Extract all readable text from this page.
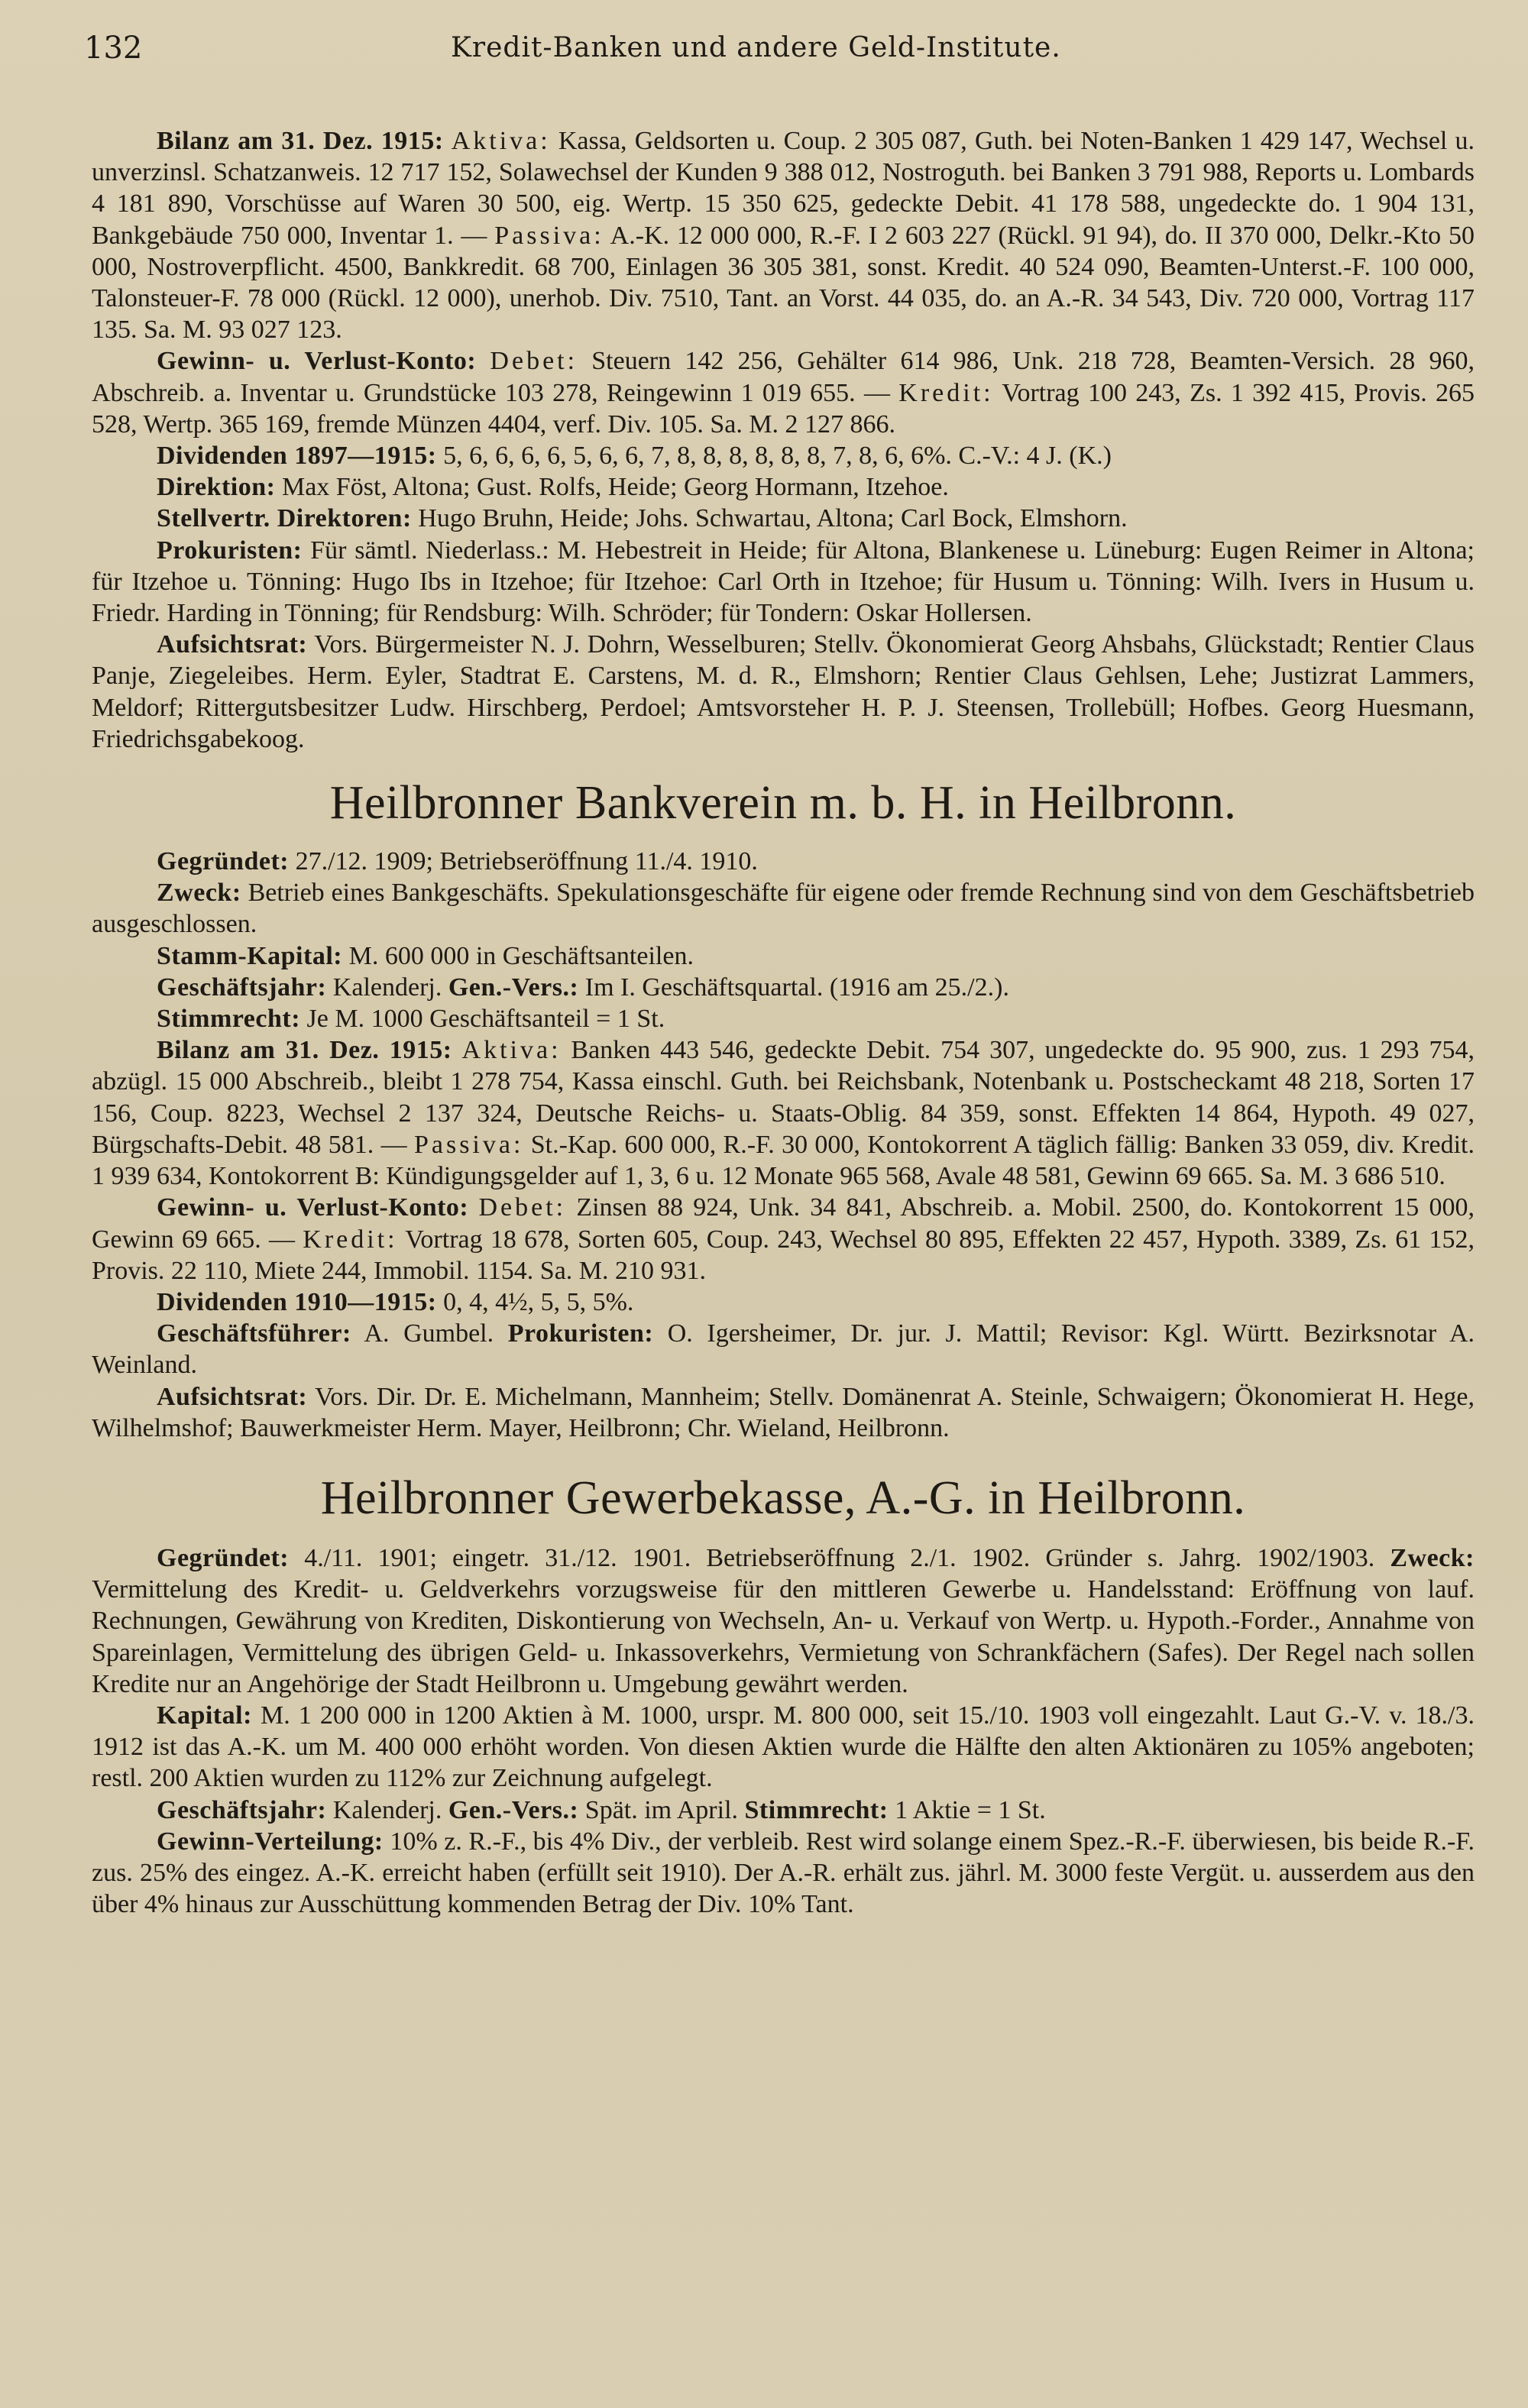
132	Kredit-Banken und andere Geld-Institute.

Bilanz am 31. Dez. 1915: Aktiva: Kassa, Geldsorten u. Coup. 2 305 087, Guth. bei Noten-Banken 1 429 147, Wechsel u. unverzinsl. Schatzanweis. 12 717 152, Solawechsel der Kunden 9 388 012, Nostroguth. bei Banken 3 791 988, Reports u. Lombards 4 181 890, Vorschüsse auf Waren 30 500, eig. Wertp. 15 350 625, gedeckte Debit. 41 178 588, ungedeckte do. 1 904 131, Bankgebäude 750 000, Inventar 1. — Passiva: A.-K. 12 000 000, R.-F. I 2 603 227 (Rückl. 91 94), do. II 370 000, Delkr.-Kto 50 000, Nostroverpflicht. 4500, Bankkredit. 68 700, Einlagen 36 305 381, sonst. Kredit. 40 524 090, Beamten-Unterst.-F. 100 000, Talonsteuer-F. 78 000 (Rückl. 12 000), unerhob. Div. 7510, Tant. an Vorst. 44 035, do. an A.-R. 34 543, Div. 720 000, Vortrag 117 135. Sa. M. 93 027 123.

Gewinn- u. Verlust-Konto: Debet: Steuern 142 256, Gehälter 614 986, Unk. 218 728, Beamten-Versich. 28 960, Abschreib. a. Inventar u. Grundstücke 103 278, Reingewinn 1 019 655. — Kredit: Vortrag 100 243, Zs. 1 392 415, Provis. 265 528, Wertp. 365 169, fremde Münzen 4404, verf. Div. 105. Sa. M. 2 127 866.

Dividenden 1897—1915: 5, 6, 6, 6, 6, 5, 6, 6, 7, 8, 8, 8, 8, 8, 8, 7, 8, 6, 6%. C.-V.: 4 J. (K.)

Direktion: Max Föst, Altona; Gust. Rolfs, Heide; Georg Hormann, Itzehoe.

Stellvertr. Direktoren: Hugo Bruhn, Heide; Johs. Schwartau, Altona; Carl Bock, Elmshorn.

Prokuristen: Für sämtl. Niederlass.: M. Hebestreit in Heide; für Altona, Blankenese u. Lüneburg: Eugen Reimer in Altona; für Itzehoe u. Tönning: Hugo Ibs in Itzehoe; für Itzehoe: Carl Orth in Itzehoe; für Husum u. Tönning: Wilh. Ivers in Husum u. Friedr. Harding in Tönning; für Rendsburg: Wilh. Schröder; für Tondern: Oskar Hollersen.

Aufsichtsrat: Vors. Bürgermeister N. J. Dohrn, Wesselburen; Stellv. Ökonomierat Georg Ahsbahs, Glückstadt; Rentier Claus Panje, Ziegeleibes. Herm. Eyler, Stadtrat E. Carstens, M. d. R., Elmshorn; Rentier Claus Gehlsen, Lehe; Justizrat Lammers, Meldorf; Rittergutsbesitzer Ludw. Hirschberg, Perdoel; Amtsvorsteher H. P. J. Steensen, Trollebüll; Hofbes. Georg Huesmann, Friedrichsgabekoog.

Heilbronner Bankverein m. b. H. in Heilbronn.

Gegründet: 27./12. 1909; Betriebseröffnung 11./4. 1910.

Zweck: Betrieb eines Bankgeschäfts. Spekulationsgeschäfte für eigene oder fremde Rechnung sind von dem Geschäftsbetrieb ausgeschlossen.

Stamm-Kapital: M. 600 000 in Geschäftsanteilen.

Geschäftsjahr: Kalenderj. Gen.-Vers.: Im I. Geschäftsquartal. (1916 am 25./2.).

Stimmrecht: Je M. 1000 Geschäftsanteil = 1 St.

Bilanz am 31. Dez. 1915: Aktiva: Banken 443 546, gedeckte Debit. 754 307, ungedeckte do. 95 900, zus. 1 293 754, abzügl. 15 000 Abschreib., bleibt 1 278 754, Kassa einschl. Guth. bei Reichsbank, Notenbank u. Postscheckamt 48 218, Sorten 17 156, Coup. 8223, Wechsel 2 137 324, Deutsche Reichs- u. Staats-Oblig. 84 359, sonst. Effekten 14 864, Hypoth. 49 027, Bürgschafts-Debit. 48 581. — Passiva: St.-Kap. 600 000, R.-F. 30 000, Kontokorrent A täglich fällig: Banken 33 059, div. Kredit. 1 939 634, Kontokorrent B: Kündigungsgelder auf 1, 3, 6 u. 12 Monate 965 568, Avale 48 581, Gewinn 69 665. Sa. M. 3 686 510.

Gewinn- u. Verlust-Konto: Debet: Zinsen 88 924, Unk. 34 841, Abschreib. a. Mobil. 2500, do. Kontokorrent 15 000, Gewinn 69 665. — Kredit: Vortrag 18 678, Sorten 605, Coup. 243, Wechsel 80 895, Effekten 22 457, Hypoth. 3389, Zs. 61 152, Provis. 22 110, Miete 244, Immobil. 1154. Sa. M. 210 931.

Dividenden 1910—1915: 0, 4, 4½, 5, 5, 5%.

Geschäftsführer: A. Gumbel. Prokuristen: O. Igersheimer, Dr. jur. J. Mattil; Revisor: Kgl. Württ. Bezirksnotar A. Weinland.

Aufsichtsrat: Vors. Dir. Dr. E. Michelmann, Mannheim; Stellv. Domänenrat A. Steinle, Schwaigern; Ökonomierat H. Hege, Wilhelmshof; Bauwerkmeister Herm. Mayer, Heilbronn; Chr. Wieland, Heilbronn.

Heilbronner Gewerbekasse, A.-G. in Heilbronn.

Gegründet: 4./11. 1901; eingetr. 31./12. 1901. Betriebseröffnung 2./1. 1902. Gründer s. Jahrg. 1902/1903. Zweck: Vermittelung des Kredit- u. Geldverkehrs vorzugsweise für den mittleren Gewerbe u. Handelsstand: Eröffnung von lauf. Rechnungen, Gewährung von Krediten, Diskontierung von Wechseln, An- u. Verkauf von Wertp. u. Hypoth.-Forder., Annahme von Spareinlagen, Vermittelung des übrigen Geld- u. Inkassoverkehrs, Vermietung von Schrankfächern (Safes). Der Regel nach sollen Kredite nur an Angehörige der Stadt Heilbronn u. Umgebung gewährt werden.

Kapital: M. 1 200 000 in 1200 Aktien à M. 1000, urspr. M. 800 000, seit 15./10. 1903 voll eingezahlt. Laut G.-V. v. 18./3. 1912 ist das A.-K. um M. 400 000 erhöht worden. Von diesen Aktien wurde die Hälfte den alten Aktionären zu 105% angeboten; restl. 200 Aktien wurden zu 112% zur Zeichnung aufgelegt.

Geschäftsjahr: Kalenderj. Gen.-Vers.: Spät. im April. Stimmrecht: 1 Aktie = 1 St.

Gewinn-Verteilung: 10% z. R.-F., bis 4% Div., der verbleib. Rest wird solange einem Spez.-R.-F. überwiesen, bis beide R.-F. zus. 25% des eingez. A.-K. erreicht haben (erfüllt seit 1910). Der A.-R. erhält zus. jährl. M. 3000 feste Vergüt. u. ausserdem aus den über 4% hinaus zur Ausschüttung kommenden Betrag der Div. 10% Tant.
